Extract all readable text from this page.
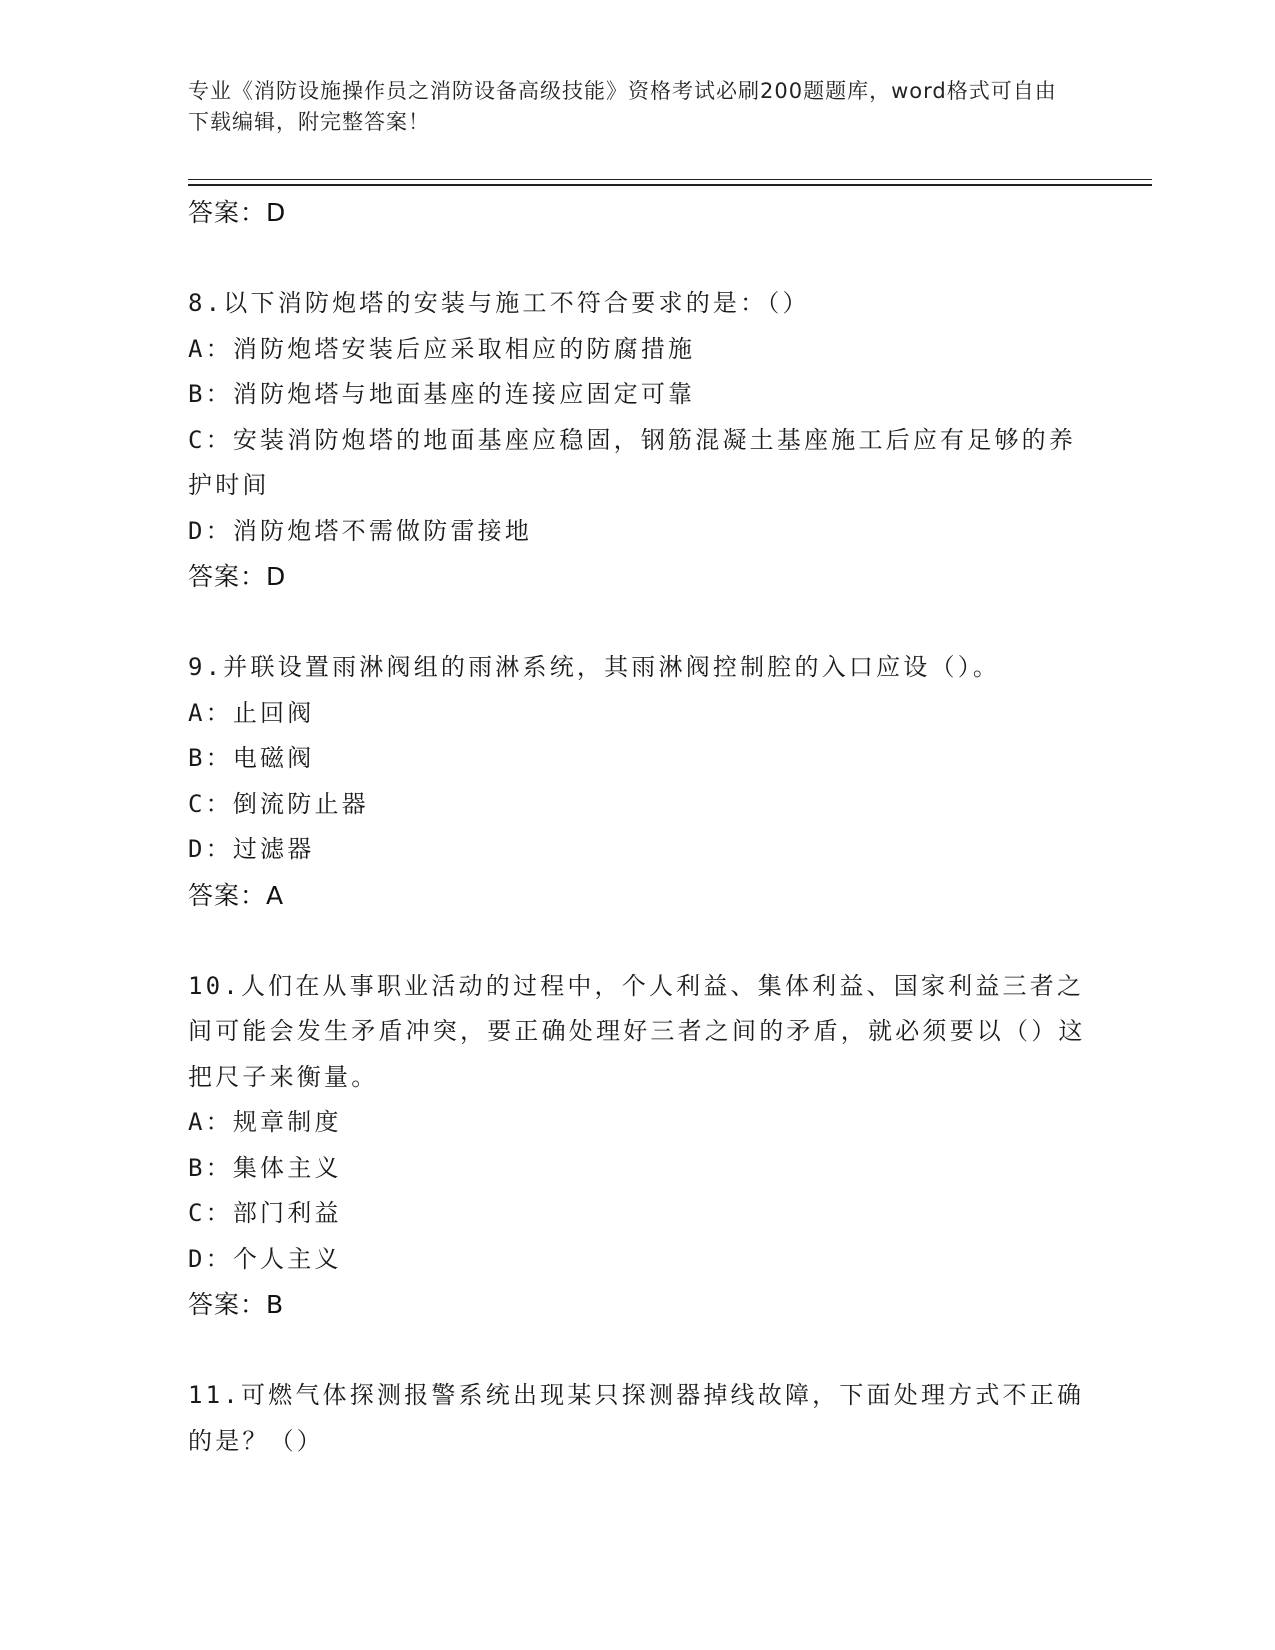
专业《消防设施操作员之消防设备高级技能》资格考试必刷200题题库，word格式可自由下载编辑，附完整答案！
答案：D
8.以下消防炮塔的安装与施工不符合要求的是：（）
A：消防炮塔安装后应采取相应的防腐措施
B：消防炮塔与地面基座的连接应固定可靠
C：安装消防炮塔的地面基座应稳固，钢筋混凝土基座施工后应有足够的养护时间
D：消防炮塔不需做防雷接地
答案：D
9.并联设置雨淋阀组的雨淋系统，其雨淋阀控制腔的入口应设（）。
A：止回阀
B：电磁阀
C：倒流防止器
D：过滤器
答案：A
10.人们在从事职业活动的过程中，个人利益、集体利益、国家利益三者之间可能会发生矛盾冲突，要正确处理好三者之间的矛盾，就必须要以（）这把尺子来衡量。
A：规章制度
B：集体主义
C：部门利益
D：个人主义
答案：B
11.可燃气体探测报警系统出现某只探测器掉线故障，下面处理方式不正确的是？（）
